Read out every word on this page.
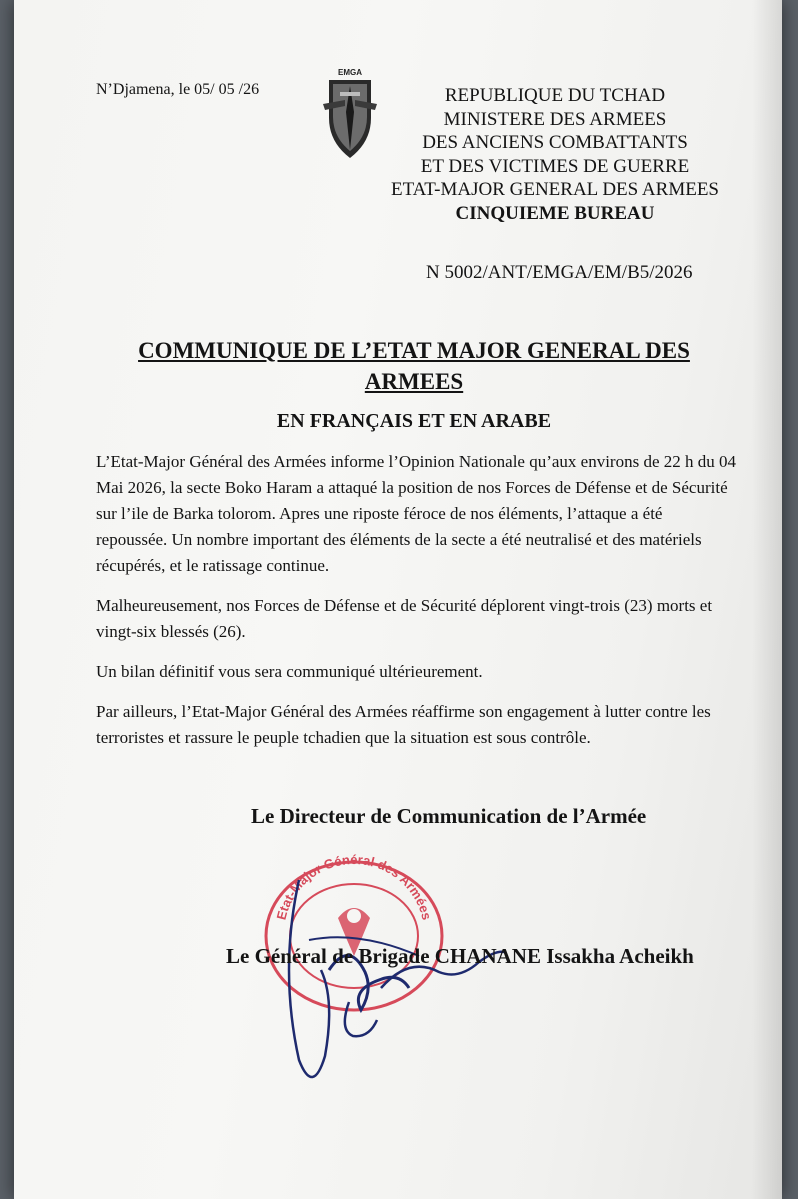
N’Djamena, le 05/ 05 /26
EMGA
REPUBLIQUE DU TCHAD
MINISTERE DES ARMEES
DES ANCIENS COMBATTANTS
ET DES VICTIMES DE GUERRE
ETAT-MAJOR GENERAL DES ARMEES
CINQUIEME BUREAU
N 5002/ANT/EMGA/EM/B5/2026
COMMUNIQUE DE L’ETAT MAJOR GENERAL DES
ARMEES
EN FRANÇAIS ET EN ARABE

L’Etat-Major Général des Armées informe l’Opinion Nationale qu’aux environs de 22 h du 04 Mai 2026, la secte Boko Haram a attaqué la position de nos Forces de Défense et de Sécurité sur l’ile de Barka tolorom. Apres une riposte féroce de nos éléments, l’attaque a été repoussée. Un nombre important des éléments de la secte a été neutralisé et des matériels récupérés, et le ratissage continue.

Malheureusement, nos Forces de Défense et de Sécurité déplorent vingt-trois (23) morts et vingt-six blessés (26).

Un bilan définitif vous sera communiqué ultérieurement.

Par ailleurs, l’Etat-Major Général des Armées réaffirme son engagement à lutter contre les terroristes et rassure le peuple tchadien que la situation est sous contrôle.

Etat-Major Général des Armées
Le Directeur de Communication de l’Armée
Le Général de Brigade CHANANE Issakha Acheikh
